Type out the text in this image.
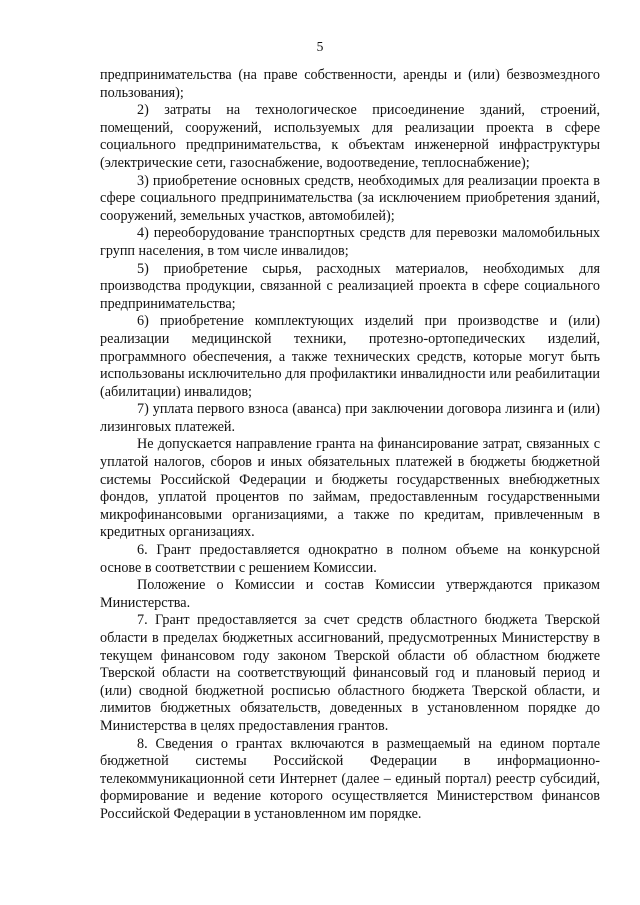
5

предпринимательства (на праве собственности, аренды и (или) безвозмездного пользования);

2) затраты на технологическое присоединение зданий, строений, помещений, сооружений, используемых для реализации проекта в сфере социального предпринимательства, к объектам инженерной инфраструктуры (электрические сети, газоснабжение, водоотведение, теплоснабжение);

3) приобретение основных средств, необходимых для реализации проекта в сфере социального предпринимательства (за исключением приобретения зданий, сооружений, земельных участков, автомобилей);

4) переоборудование транспортных средств для перевозки маломобильных групп населения, в том числе инвалидов;

5) приобретение сырья, расходных материалов, необходимых для производства продукции, связанной с реализацией проекта в сфере социального предпринимательства;

6) приобретение комплектующих изделий при производстве и (или) реализации медицинской техники, протезно-ортопедических изделий, программного обеспечения, а также технических средств, которые могут быть использованы исключительно для профилактики инвалидности или реабилитации (абилитации) инвалидов;

7) уплата первого взноса (аванса) при заключении договора лизинга и (или) лизинговых платежей.

Не допускается направление гранта на финансирование затрат, связанных с уплатой налогов, сборов и иных обязательных платежей в бюджеты бюджетной системы Российской Федерации и бюджеты государственных внебюджетных фондов, уплатой процентов по займам, предоставленным государственными микрофинансовыми организациями, а также по кредитам, привлеченным в кредитных организациях.

6. Грант предоставляется однократно в полном объеме на конкурсной основе в соответствии с решением Комиссии.

Положение о Комиссии и состав Комиссии утверждаются приказом Министерства.

7. Грант предоставляется за счет средств областного бюджета Тверской области в пределах бюджетных ассигнований, предусмотренных Министерству в текущем финансовом году законом Тверской области об областном бюджете Тверской области на соответствующий финансовый год и плановый период и (или) сводной бюджетной росписью областного бюджета Тверской области, и лимитов бюджетных обязательств, доведенных в установленном порядке до Министерства в целях предоставления грантов.

8. Сведения о грантах включаются в размещаемый на едином портале бюджетной системы Российской Федерации в информационно-телекоммуникационной сети Интернет (далее – единый портал) реестр субсидий, формирование и ведение которого осуществляется Министерством финансов Российской Федерации в установленном им порядке.
